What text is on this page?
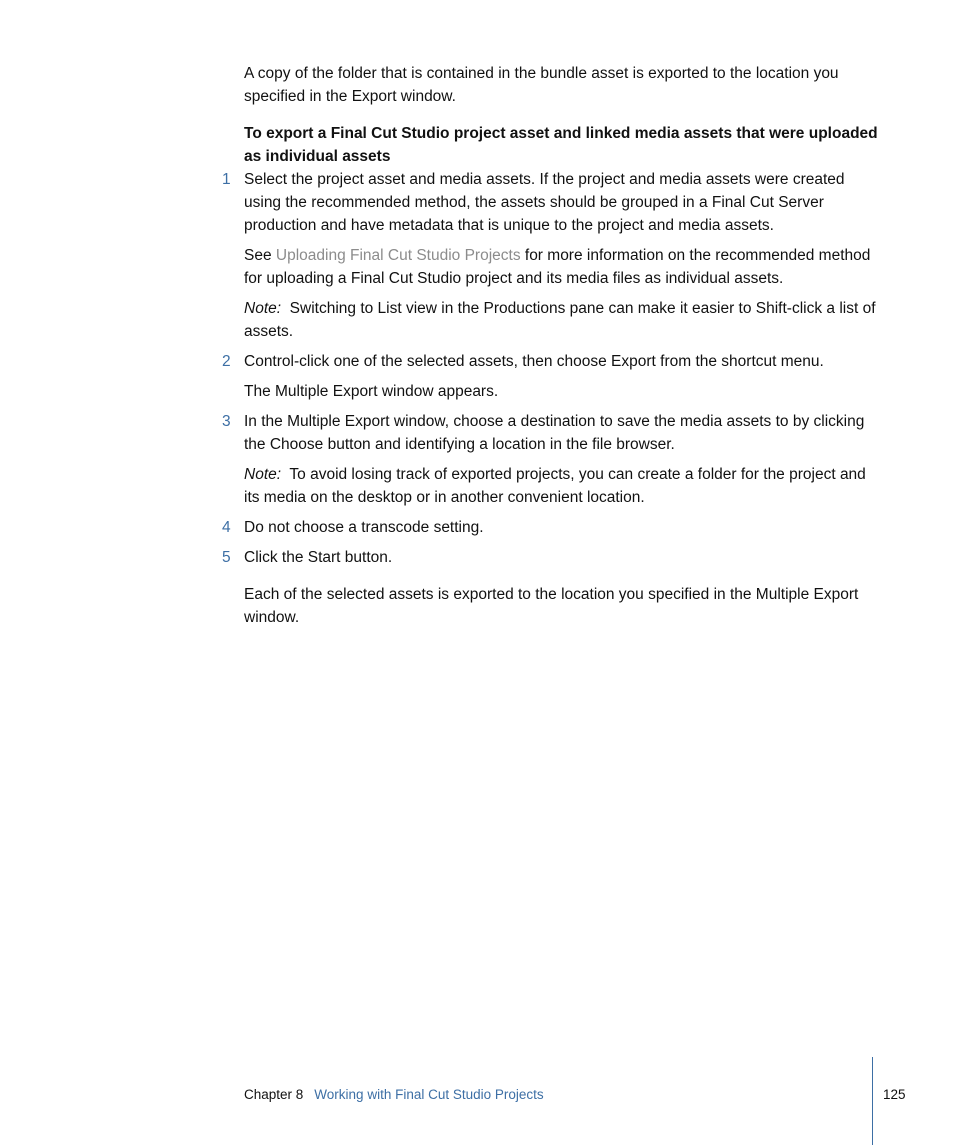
A copy of the folder that is contained in the bundle asset is exported to the location you specified in the Export window.

To export a Final Cut Studio project asset and linked media assets that were uploaded as individual assets

1 Select the project asset and media assets. If the project and media assets were created using the recommended method, the assets should be grouped in a Final Cut Server production and have metadata that is unique to the project and media assets.

See Uploading Final Cut Studio Projects for more information on the recommended method for uploading a Final Cut Studio project and its media files as individual assets.

Note:  Switching to List view in the Productions pane can make it easier to Shift-click a list of assets.

2 Control-click one of the selected assets, then choose Export from the shortcut menu.

The Multiple Export window appears.

3 In the Multiple Export window, choose a destination to save the media assets to by clicking the Choose button and identifying a location in the file browser.

Note:  To avoid losing track of exported projects, you can create a folder for the project and its media on the desktop or in another convenient location.

4 Do not choose a transcode setting.
5 Click the Start button.

Each of the selected assets is exported to the location you specified in the Multiple Export window.

Chapter 8 Working with Final Cut Studio Projects	125
